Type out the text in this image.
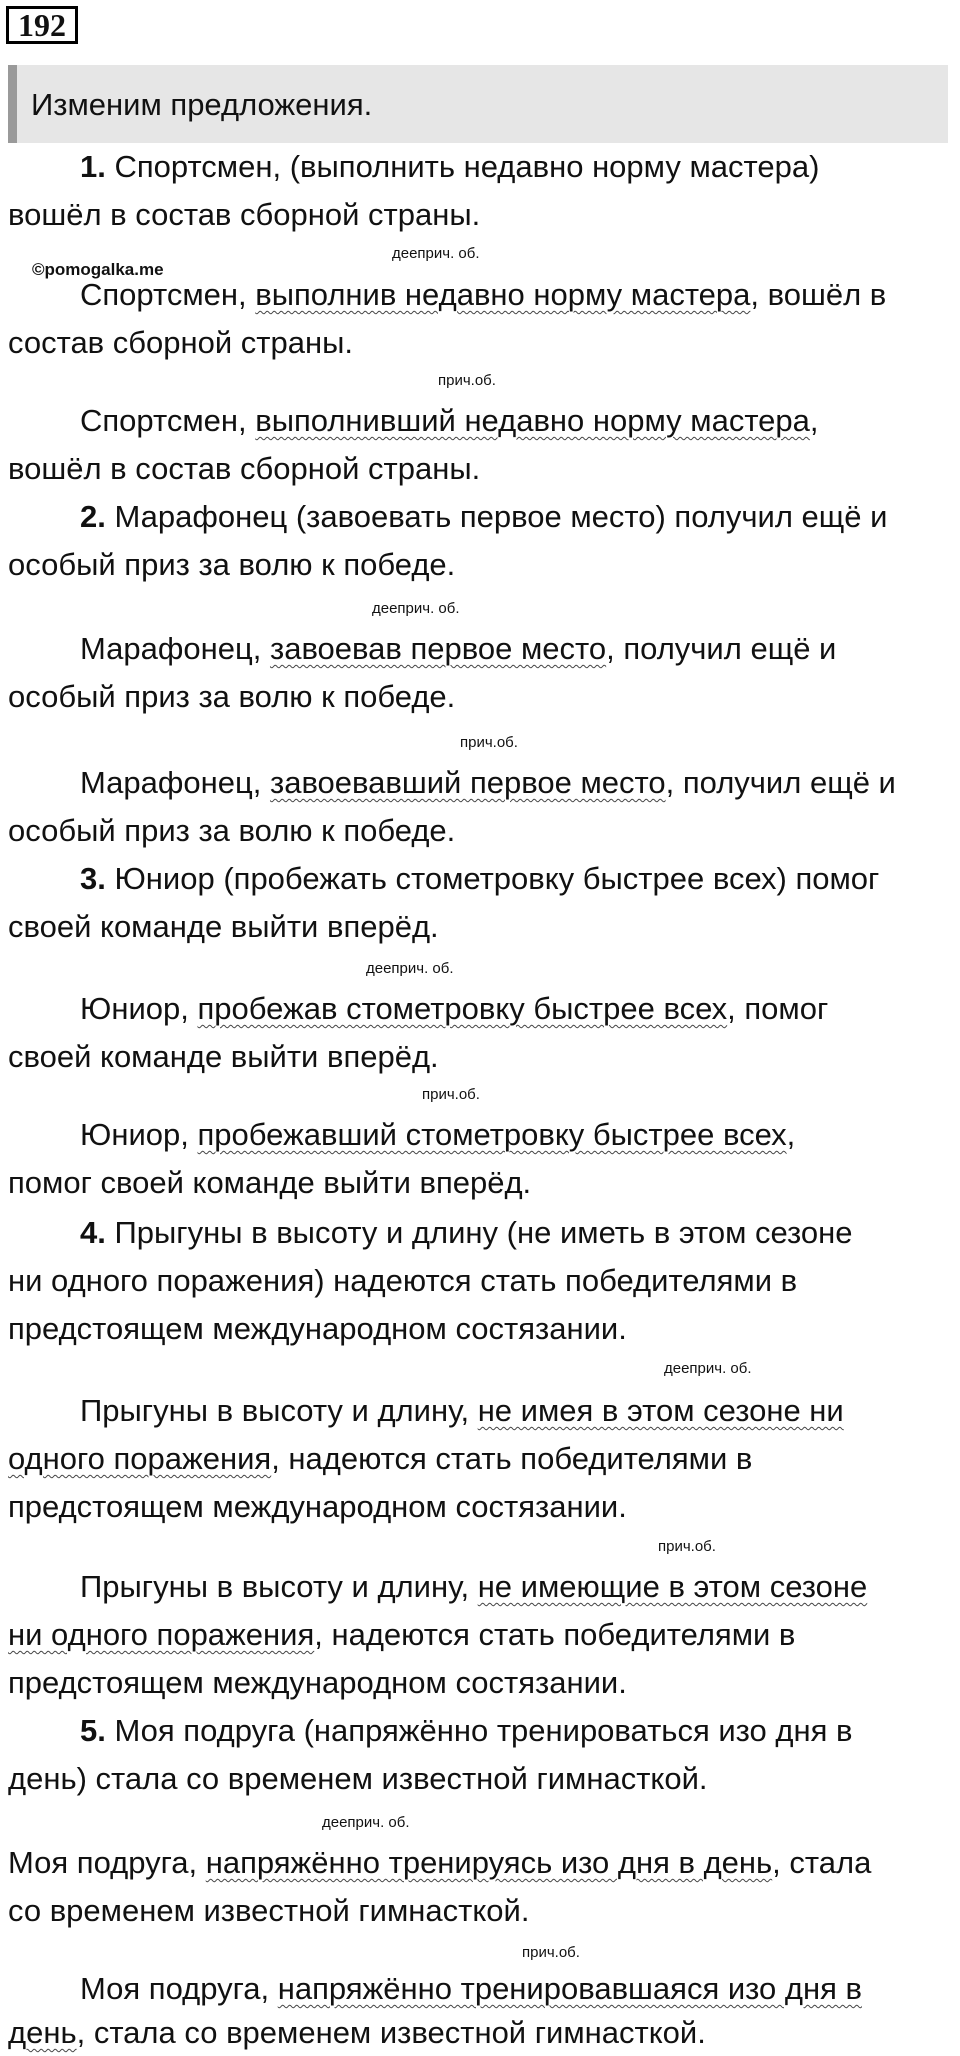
192
Изменим предложения.
©pomogalka.me
1. Спортсмен, (выполнить недавно норму мастера)
вошёл в состав сборной страны.
дееприч. об.
Спортсмен, выполнив недавно норму мастера, вошёл в
состав сборной страны.
прич.об.
Спортсмен, выполнивший недавно норму мастера,
вошёл в состав сборной страны.
2. Марафонец (завоевать первое место) получил ещё и
особый приз за волю к победе.
дееприч. об.
Марафонец, завоевав первое место, получил ещё и
особый приз за волю к победе.
прич.об.
Марафонец, завоевавший первое место, получил ещё и
особый приз за волю к победе.
3. Юниор (пробежать стометровку быстрее всех) помог
своей команде выйти вперёд.
дееприч. об.
Юниор, пробежав стометровку быстрее всех, помог
своей команде выйти вперёд.
прич.об.
Юниор, пробежавший стометровку быстрее всех,
помог своей команде выйти вперёд.
4. Прыгуны в высоту и длину (не иметь в этом сезоне
ни одного поражения) надеются стать победителями в
предстоящем международном состязании.
дееприч. об.
Прыгуны в высоту и длину, не имея в этом сезоне ни
одного поражения, надеются стать победителями в
предстоящем международном состязании.
прич.об.
Прыгуны в высоту и длину, не имеющие в этом сезоне
ни одного поражения, надеются стать победителями в
предстоящем международном состязании.
5. Моя подруга (напряжённо тренироваться изо дня в
день) стала со временем известной гимнасткой.
дееприч. об.
Моя подруга, напряжённо тренируясь изо дня в день, стала
со временем известной гимнасткой.
прич.об.
Моя подруга, напряжённо тренировавшаяся изо дня в
день, стала со временем известной гимнасткой.
